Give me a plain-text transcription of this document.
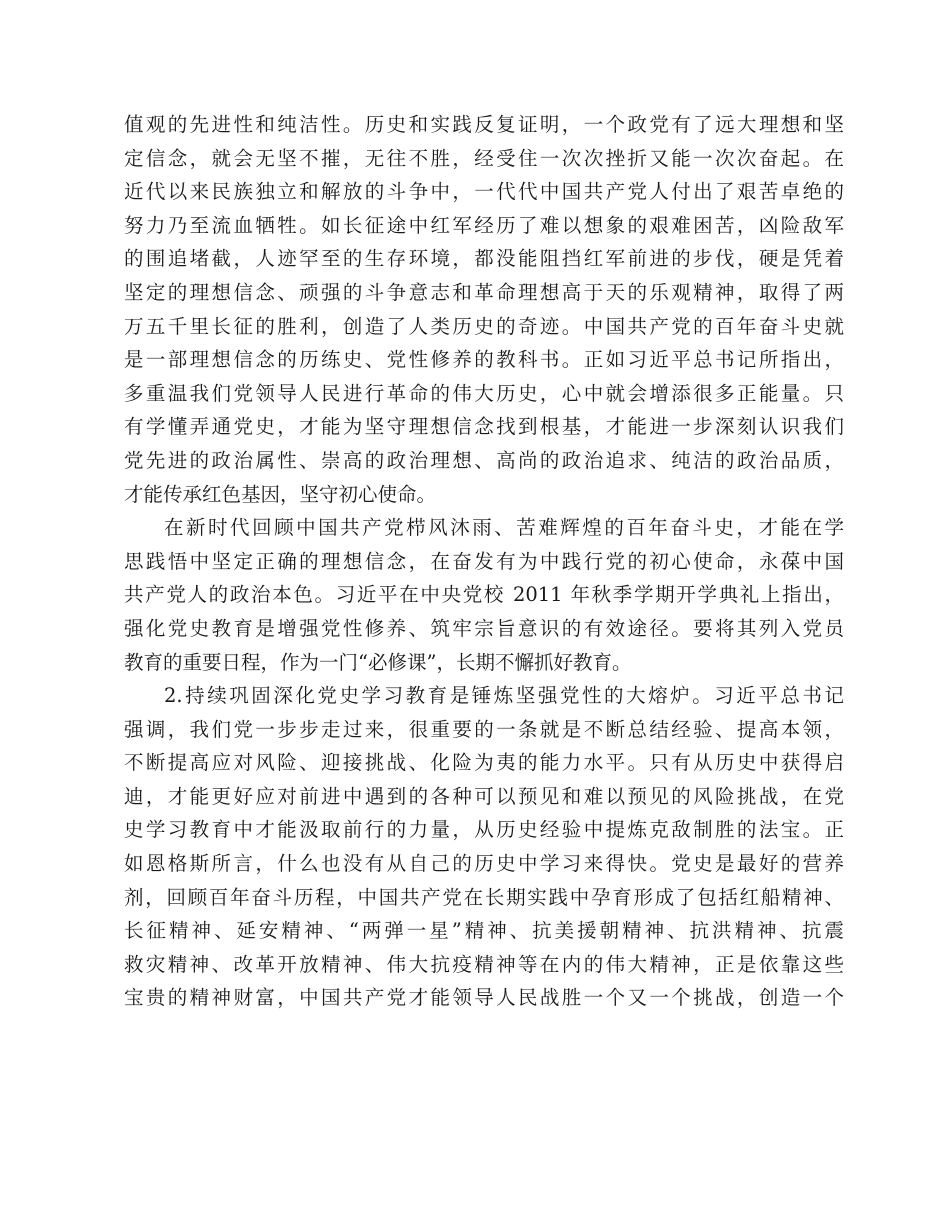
值观的先进性和纯洁性。历史和实践反复证明，一个政党有了远大理想和坚
定信念，就会无坚不摧，无往不胜，经受住一次次挫折又能一次次奋起。在
近代以来民族独立和解放的斗争中，一代代中国共产党人付出了艰苦卓绝的
努力乃至流血牺牲。如长征途中红军经历了难以想象的艰难困苦，凶险敌军
的围追堵截，人迹罕至的生存环境，都没能阻挡红军前进的步伐，硬是凭着
坚定的理想信念、顽强的斗争意志和革命理想高于天的乐观精神，取得了两
万五千里长征的胜利，创造了人类历史的奇迹。中国共产党的百年奋斗史就
是一部理想信念的历练史、党性修养的教科书。正如习近平总书记所指出，
多重温我们党领导人民进行革命的伟大历史，心中就会增添很多正能量。只
有学懂弄通党史，才能为坚守理想信念找到根基，才能进一步深刻认识我们
党先进的政治属性、崇高的政治理想、高尚的政治追求、纯洁的政治品质，
才能传承红色基因，坚守初心使命。
在新时代回顾中国共产党栉风沐雨、苦难辉煌的百年奋斗史，才能在学
思践悟中坚定正确的理想信念，在奋发有为中践行党的初心使命，永葆中国
共产党人的政治本色。习近平在中央党校 2011 年秋季学期开学典礼上指出，
强化党史教育是增强党性修养、筑牢宗旨意识的有效途径。要将其列入党员
教育的重要日程，作为一门“必修课”，长期不懈抓好教育。
2.持续巩固深化党史学习教育是锤炼坚强党性的大熔炉。习近平总书记
强调，我们党一步步走过来，很重要的一条就是不断总结经验、提高本领，
不断提高应对风险、迎接挑战、化险为夷的能力水平。只有从历史中获得启
迪，才能更好应对前进中遇到的各种可以预见和难以预见的风险挑战，在党
史学习教育中才能汲取前行的力量，从历史经验中提炼克敌制胜的法宝。正
如恩格斯所言，什么也没有从自己的历史中学习来得快。党史是最好的营养
剂，回顾百年奋斗历程，中国共产党在长期实践中孕育形成了包括红船精神、
长征精神、延安精神、“两弹一星”精神、抗美援朝精神、抗洪精神、抗震
救灾精神、改革开放精神、伟大抗疫精神等在内的伟大精神，正是依靠这些
宝贵的精神财富，中国共产党才能领导人民战胜一个又一个挑战，创造一个
